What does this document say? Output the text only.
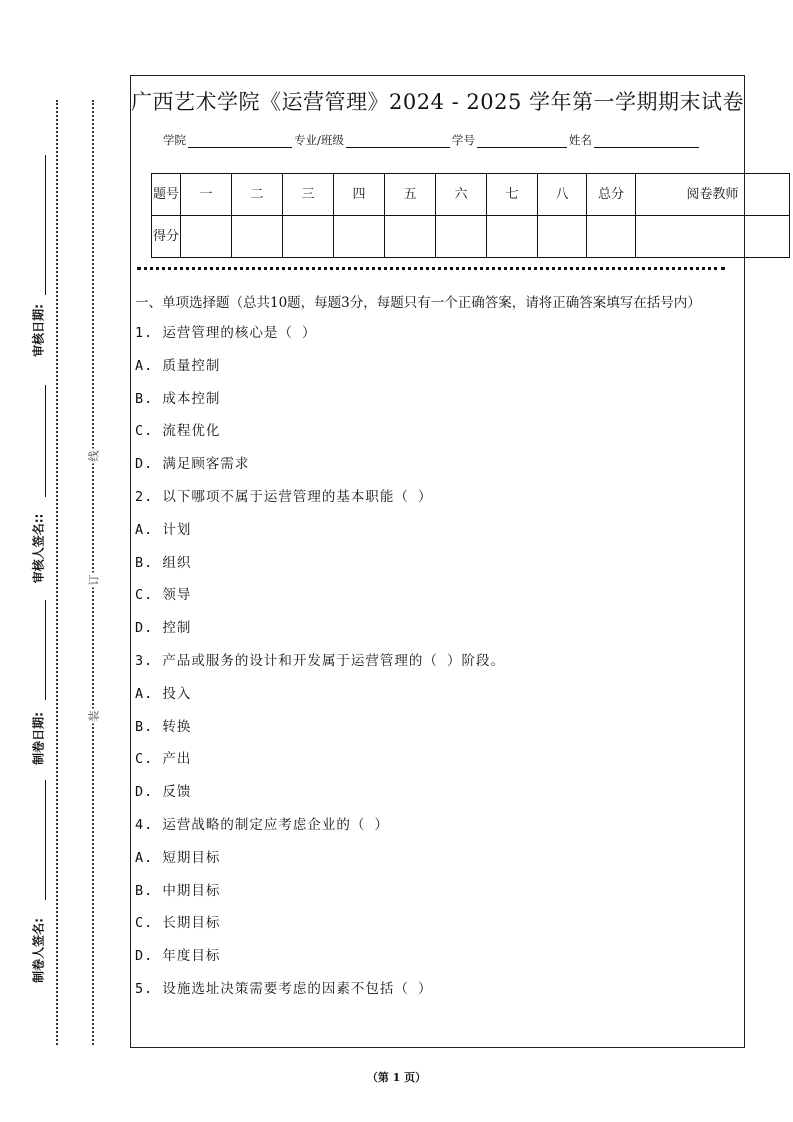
审核日期:
审核人签名::
制卷日期:
制卷人签名:
线
订
装
广西艺术学院《运营管理》2024 - 2025 学年第一学期期末试卷
学院	专业/班级	学号	姓名
题号	一	二	三	四	五	六	七	八	总分	阅卷教师
得分										
一、单项选择题（总共10题，每题3分，每题只有一个正确答案，请将正确答案填写在括号内）
1. 运营管理的核心是（ ）
A. 质量控制
B. 成本控制
C. 流程优化
D. 满足顾客需求
2. 以下哪项不属于运营管理的基本职能（ ）
A. 计划
B. 组织
C. 领导
D. 控制
3. 产品或服务的设计和开发属于运营管理的（ ）阶段。
A. 投入
B. 转换
C. 产出
D. 反馈
4. 运营战略的制定应考虑企业的（ ）
A. 短期目标
B. 中期目标
C. 长期目标
D. 年度目标
5. 设施选址决策需要考虑的因素不包括（ ）
（第 1 页）
